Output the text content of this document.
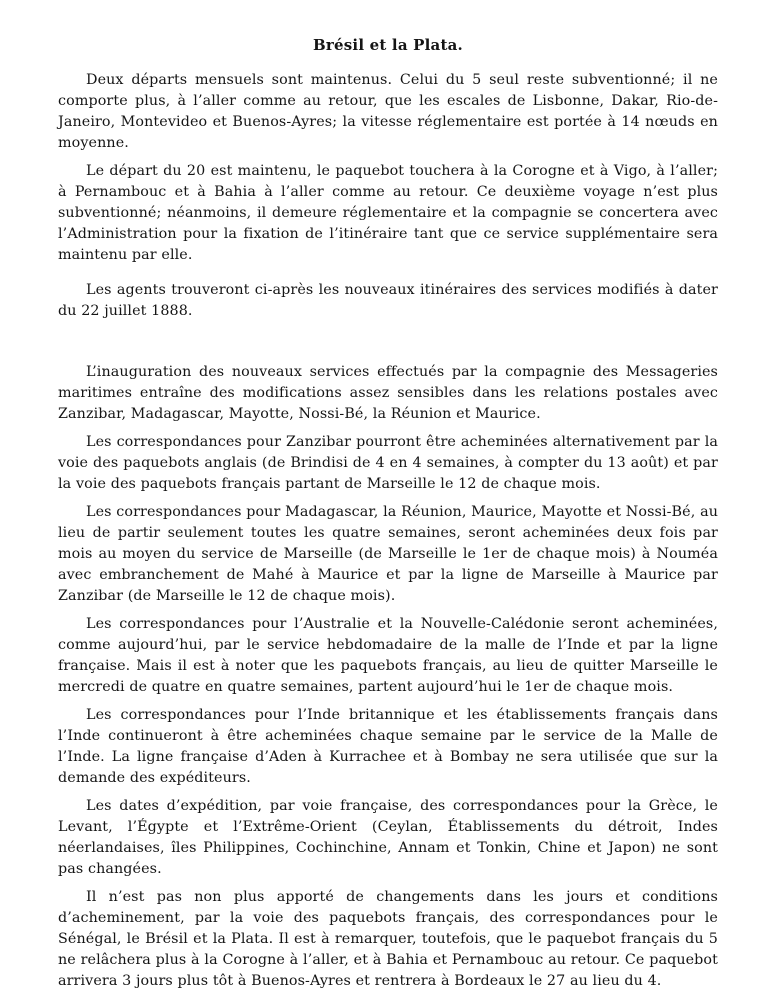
Brésil et la Plata.

Deux départs mensuels sont maintenus. Celui du 5 seul reste subventionné; il ne comporte plus, à l’aller comme au retour, que les escales de Lisbonne, Dakar, Rio-de-Janeiro, Montevideo et Buenos-Ayres; la vitesse réglementaire est portée à 14 nœuds en moyenne.

Le départ du 20 est maintenu, le paquebot touchera à la Corogne et à Vigo, à l’aller; à Pernambouc et à Bahia à l’aller comme au retour. Ce deuxième voyage n’est plus subventionné; néanmoins, il demeure réglementaire et la compagnie se concertera avec l’Administration pour la fixation de l’itinéraire tant que ce service supplémentaire sera maintenu par elle.

Les agents trouveront ci-après les nouveaux itinéraires des services modifiés à dater du 22 juillet 1888.

L’inauguration des nouveaux services effectués par la compagnie des Messageries maritimes entraîne des modifications assez sensibles dans les relations postales avec Zanzibar, Madagascar, Mayotte, Nossi-Bé, la Réunion et Maurice.

Les correspondances pour Zanzibar pourront être acheminées alternativement par la voie des paquebots anglais (de Brindisi de 4 en 4 semaines, à compter du 13 août) et par la voie des paquebots français partant de Marseille le 12 de chaque mois.

Les correspondances pour Madagascar, la Réunion, Maurice, Mayotte et Nossi-Bé, au lieu de partir seulement toutes les quatre semaines, seront acheminées deux fois par mois au moyen du service de Marseille (de Marseille le 1er de chaque mois) à Nouméa avec embranchement de Mahé à Maurice et par la ligne de Marseille à Maurice par Zanzibar (de Marseille le 12 de chaque mois).

Les correspondances pour l’Australie et la Nouvelle-Calédonie seront acheminées, comme aujourd’hui, par le service hebdomadaire de la malle de l’Inde et par la ligne française. Mais il est à noter que les paquebots français, au lieu de quitter Marseille le mercredi de quatre en quatre semaines, partent aujourd’hui le 1er de chaque mois.

Les correspondances pour l’Inde britannique et les établissements français dans l’Inde continueront à être acheminées chaque semaine par le service de la Malle de l’Inde. La ligne française d’Aden à Kurrachee et à Bombay ne sera utilisée que sur la demande des expéditeurs.

Les dates d’expédition, par voie française, des correspondances pour la Grèce, le Levant, l’Égypte et l’Extrême-Orient (Ceylan, Établissements du détroit, Indes néerlandaises, îles Philippines, Cochinchine, Annam et Tonkin, Chine et Japon) ne sont pas changées.

Il n’est pas non plus apporté de changements dans les jours et conditions d’acheminement, par la voie des paquebots français, des correspondances pour le Sénégal, le Brésil et la Plata. Il est à remarquer, toutefois, que le paquebot français du 5 ne relâchera plus à la Corogne à l’aller, et à Bahia et Pernambouc au retour. Ce paquebot arrivera 3 jours plus tôt à Buenos-Ayres et rentrera à Bordeaux le 27 au lieu du 4.
